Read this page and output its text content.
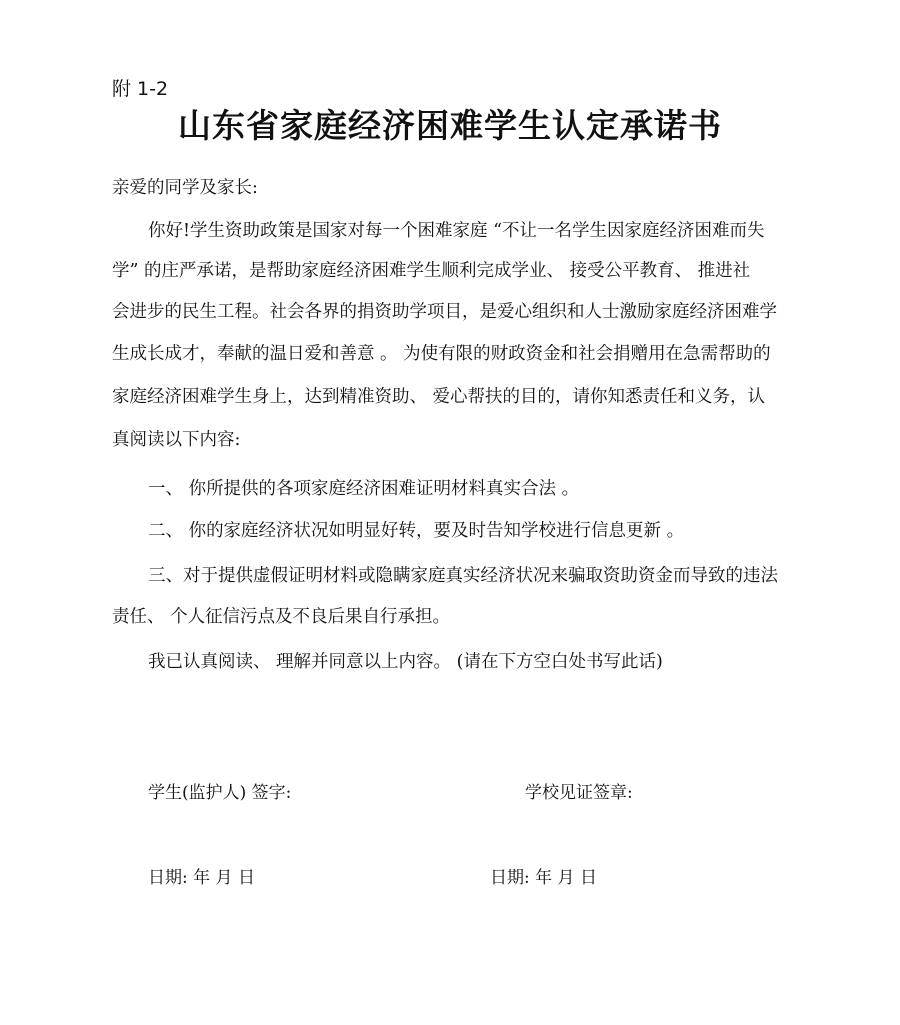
附 1-2
山东省家庭经济困难学生认定承诺书
亲爱的同学及家长:
你好!学生资助政策是国家对每一个困难家庭 “不让一名学生因家庭经济困难而失
学” 的庄严承诺，是帮助家庭经济困难学生顺利完成学业、 接受公平教育、 推进社
会进步的民生工程。社会各界的捐资助学项目，是爱心组织和人士激励家庭经济困难学
生成长成才，奉献的温日爱和善意 。 为使有限的财政资金和社会捐赠用在急需帮助的
家庭经济困难学生身上，达到精准资助、 爱心帮扶的目的，请你知悉责任和义务，认
真阅读以下内容:
一、 你所提供的各项家庭经济困难证明材料真实合法 。
二、 你的家庭经济状况如明显好转，要及时告知学校进行信息更新 。
三、对于提供虚假证明材料或隐瞒家庭真实经济状况来骗取资助资金而导致的违法
责任、 个人征信污点及不良后果自行承担。
我已认真阅读、 理解并同意以上内容。 (请在下方空白处书写此话)
学生(监护人) 签字:	学校见证签章:
日期: 年 月 日	日期: 年 月 日
